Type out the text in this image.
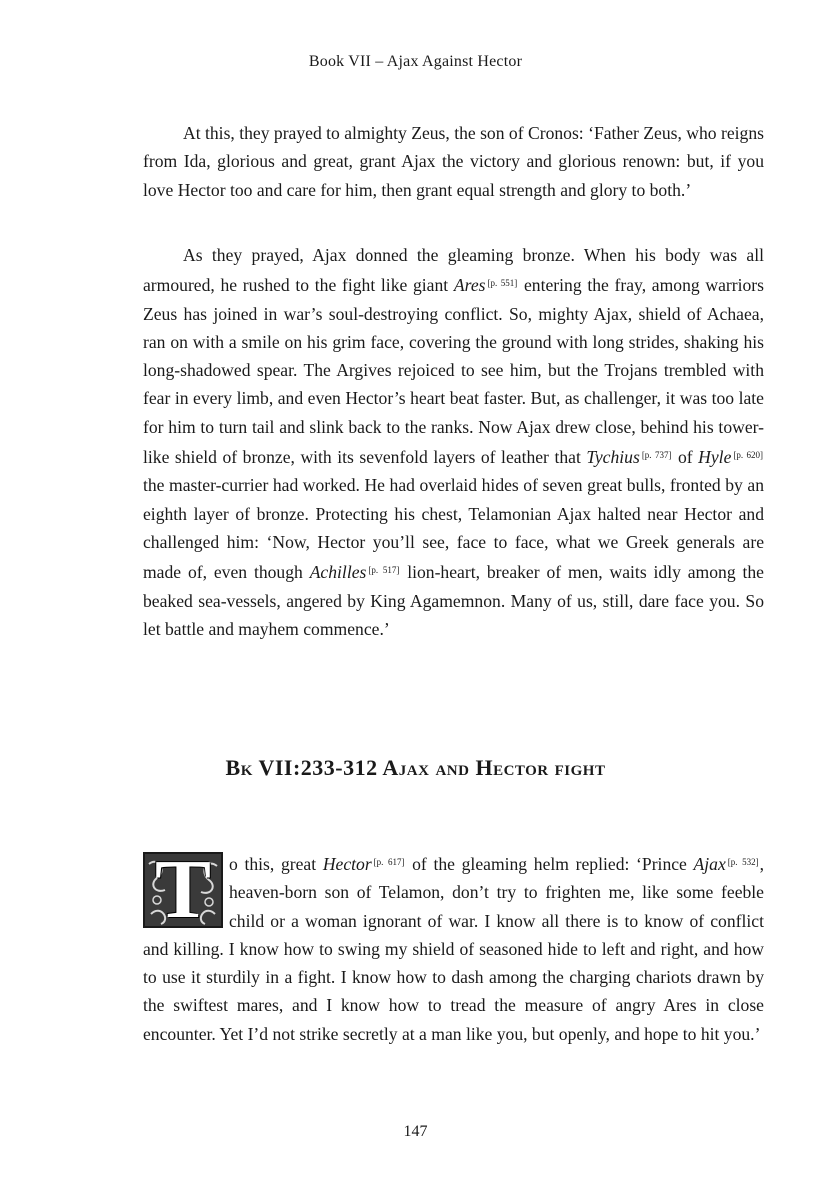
Book VII – Ajax Against Hector

At this, they prayed to almighty Zeus, the son of Cronos: ‘Father Zeus, who reigns from Ida, glorious and great, grant Ajax the victory and glorious renown: but, if you love Hector too and care for him, then grant equal strength and glory to both.’

As they prayed, Ajax donned the gleaming bronze. When his body was all armoured, he rushed to the fight like giant Ares [p. 551] entering the fray, among warriors Zeus has joined in war’s soul-destroying conflict. So, mighty Ajax, shield of Achaea, ran on with a smile on his grim face, covering the ground with long strides, shaking his long-shadowed spear. The Argives rejoiced to see him, but the Trojans trembled with fear in every limb, and even Hector’s heart beat faster. But, as challenger, it was too late for him to turn tail and slink back to the ranks. Now Ajax drew close, behind his tower-like shield of bronze, with its sevenfold layers of leather that Tychius [p. 737] of Hyle [p. 620] the master-currier had worked. He had overlaid hides of seven great bulls, fronted by an eighth layer of bronze. Protecting his chest, Telamonian Ajax halted near Hector and challenged him: ‘Now, Hector you’ll see, face to face, what we Greek generals are made of, even though Achilles [p. 517] lion-heart, breaker of men, waits idly among the beaked sea-vessels, angered by King Agamemnon. Many of us, still, dare face you. So let battle and mayhem commence.’

Bk VII:233-312 Ajax and Hector fight

T	o this, great Hector [p. 617] of the gleaming helm replied: ‘Prince Ajax [p. 532], heaven-born son of Telamon, don’t try to frighten me, like some feeble child or a woman ignorant of war. I know all there is to know of conflict and killing. I know how to swing my shield of seasoned hide to left and right, and how to use it sturdily in a fight. I know how to dash among the charging chariots drawn by the swiftest mares, and I know how to tread the measure of angry Ares in close encounter. Yet I’d not strike secretly at a man like you, but openly, and hope to hit you.’

147
